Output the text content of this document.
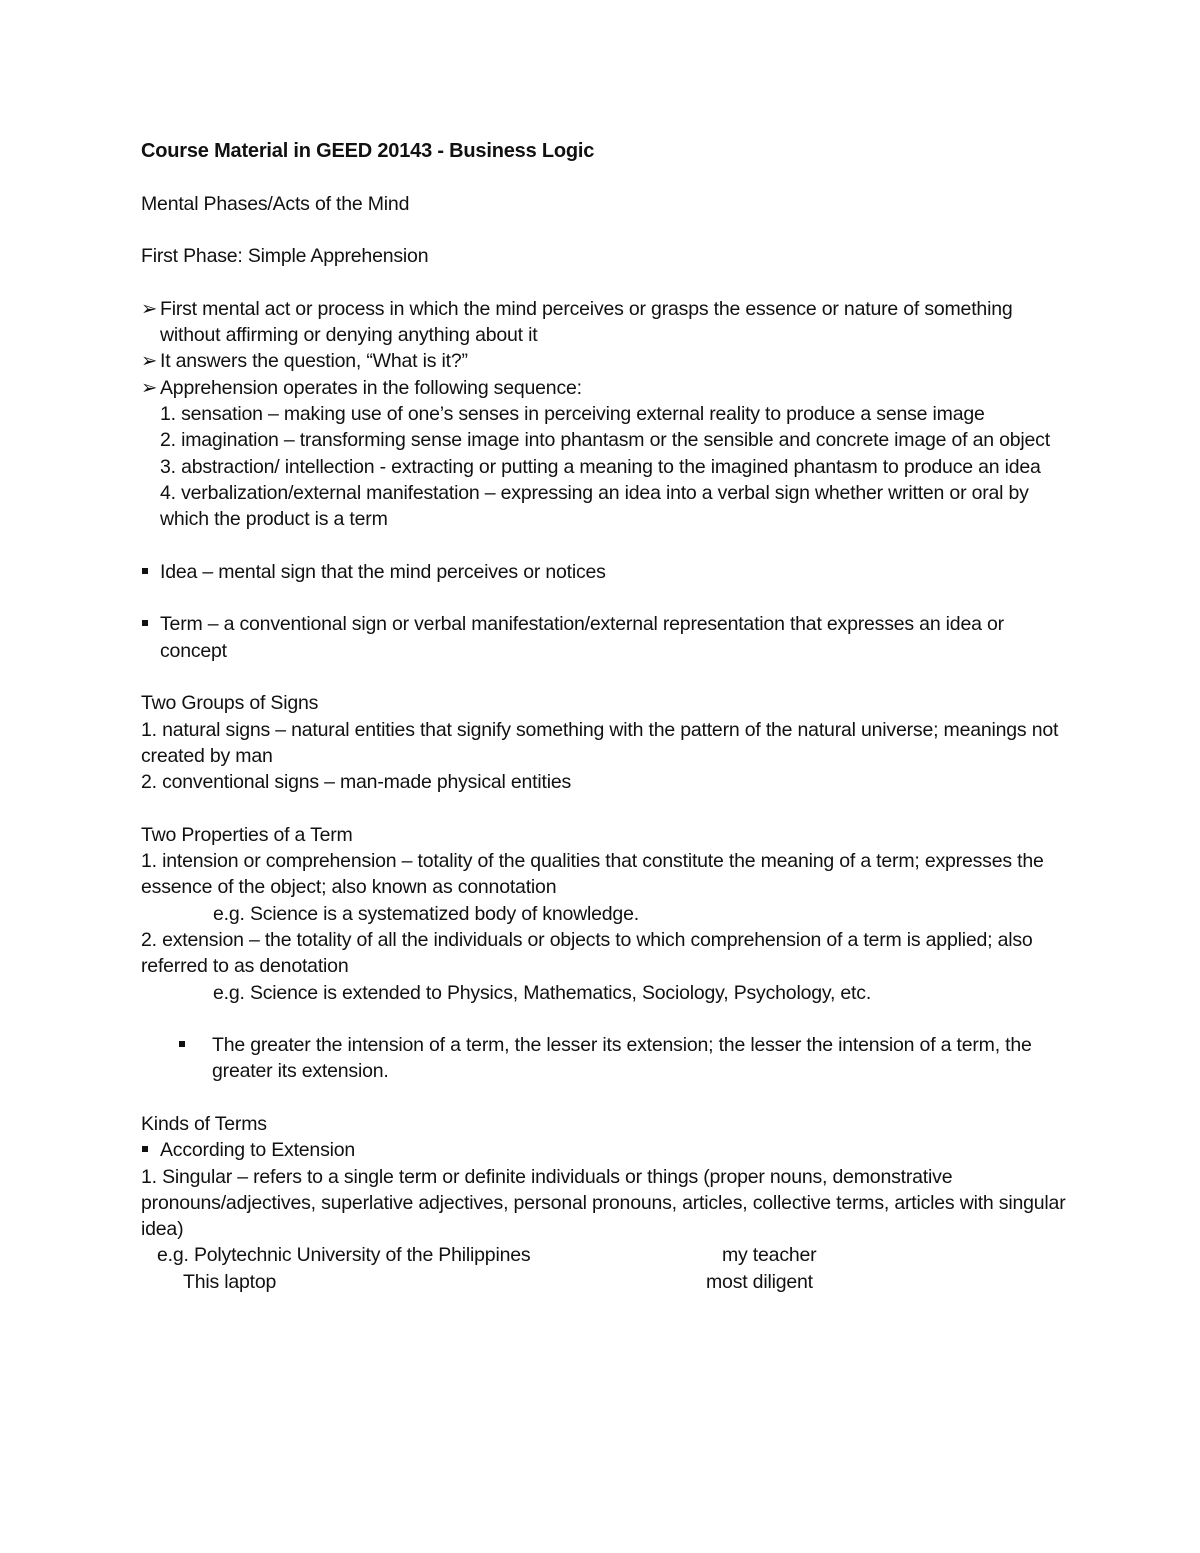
Course Material in GEED 20143 - Business Logic

Mental Phases/Acts of the Mind

First Phase: Simple Apprehension

➢ First mental act or process in which the mind perceives or grasps the essence or nature of something without affirming or denying anything about it
➢ It answers the question, “What is it?”
➢ Apprehension operates in the following sequence:

1. sensation – making use of one’s senses in perceiving external reality to produce a sense image

2. imagination – transforming sense image into phantasm or the sensible and concrete image of an object

3. abstraction/ intellection - extracting or putting a meaning to the imagined phantasm to produce an idea

4. verbalization/external manifestation – expressing an idea into a verbal sign whether written or oral by which the product is a term

Idea – mental sign that the mind perceives or notices
Term – a conventional sign or verbal manifestation/external representation that expresses an idea or concept

Two Groups of Signs

1. natural signs – natural entities that signify something with the pattern of the natural universe; meanings not created by man

2. conventional signs – man-made physical entities

Two Properties of a Term

1. intension or comprehension – totality of the qualities that constitute the meaning of a term; expresses the essence of the object; also known as connotation

e.g. Science is a systematized body of knowledge.

2. extension – the totality of all the individuals or objects to which comprehension of a term is applied; also referred to as denotation

e.g. Science is extended to Physics, Mathematics, Sociology, Psychology, etc.

The greater the intension of a term, the lesser its extension; the lesser the intension of a term, the greater its extension.

Kinds of Terms

According to Extension

1. Singular – refers to a single term or definite individuals or things (proper nouns, demonstrative pronouns/adjectives, superlative adjectives, personal pronouns, articles, collective terms, articles with singular idea)

e.g. Polytechnic University of the Philippines	my teacher
This laptop	most diligent
